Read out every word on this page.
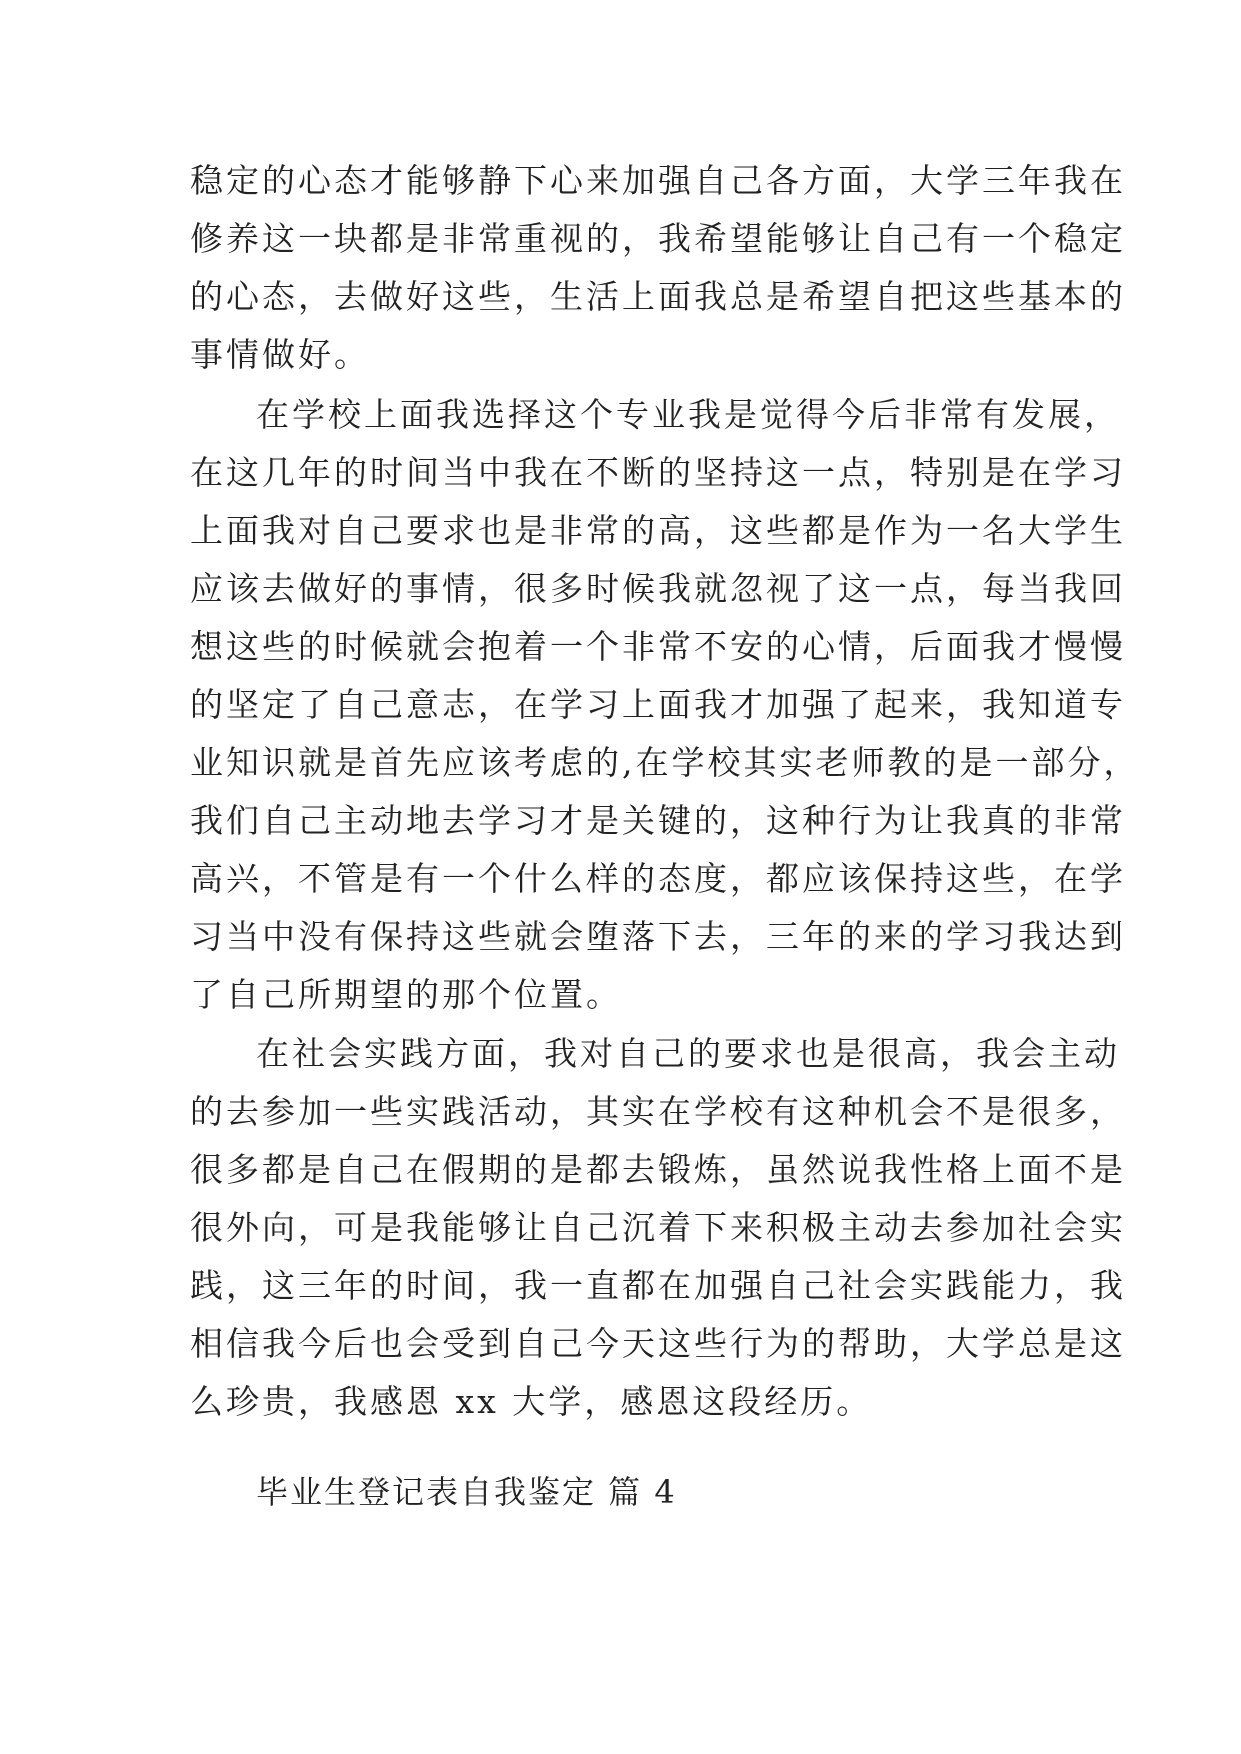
稳定的心态才能够静下心来加强自己各方面，大学三年我在
修养这一块都是非常重视的，我希望能够让自己有一个稳定
的心态，去做好这些，生活上面我总是希望自把这些基本的
事情做好。
在学校上面我选择这个专业我是觉得今后非常有发展，
在这几年的时间当中我在不断的坚持这一点，特别是在学习
上面我对自己要求也是非常的高，这些都是作为一名大学生
应该去做好的事情，很多时候我就忽视了这一点，每当我回
想这些的时候就会抱着一个非常不安的心情，后面我才慢慢
的坚定了自己意志，在学习上面我才加强了起来，我知道专
业知识就是首先应该考虑的,在学校其实老师教的是一部分，
我们自己主动地去学习才是关键的，这种行为让我真的非常
高兴，不管是有一个什么样的态度，都应该保持这些，在学
习当中没有保持这些就会堕落下去，三年的来的学习我达到
了自己所期望的那个位置。
在社会实践方面，我对自己的要求也是很高，我会主动
的去参加一些实践活动，其实在学校有这种机会不是很多，
很多都是自己在假期的是都去锻炼，虽然说我性格上面不是
很外向，可是我能够让自己沉着下来积极主动去参加社会实
践，这三年的时间，我一直都在加强自己社会实践能力，我
相信我今后也会受到自己今天这些行为的帮助，大学总是这
么珍贵，我感恩 xx 大学，感恩这段经历。
毕业生登记表自我鉴定 篇 4
